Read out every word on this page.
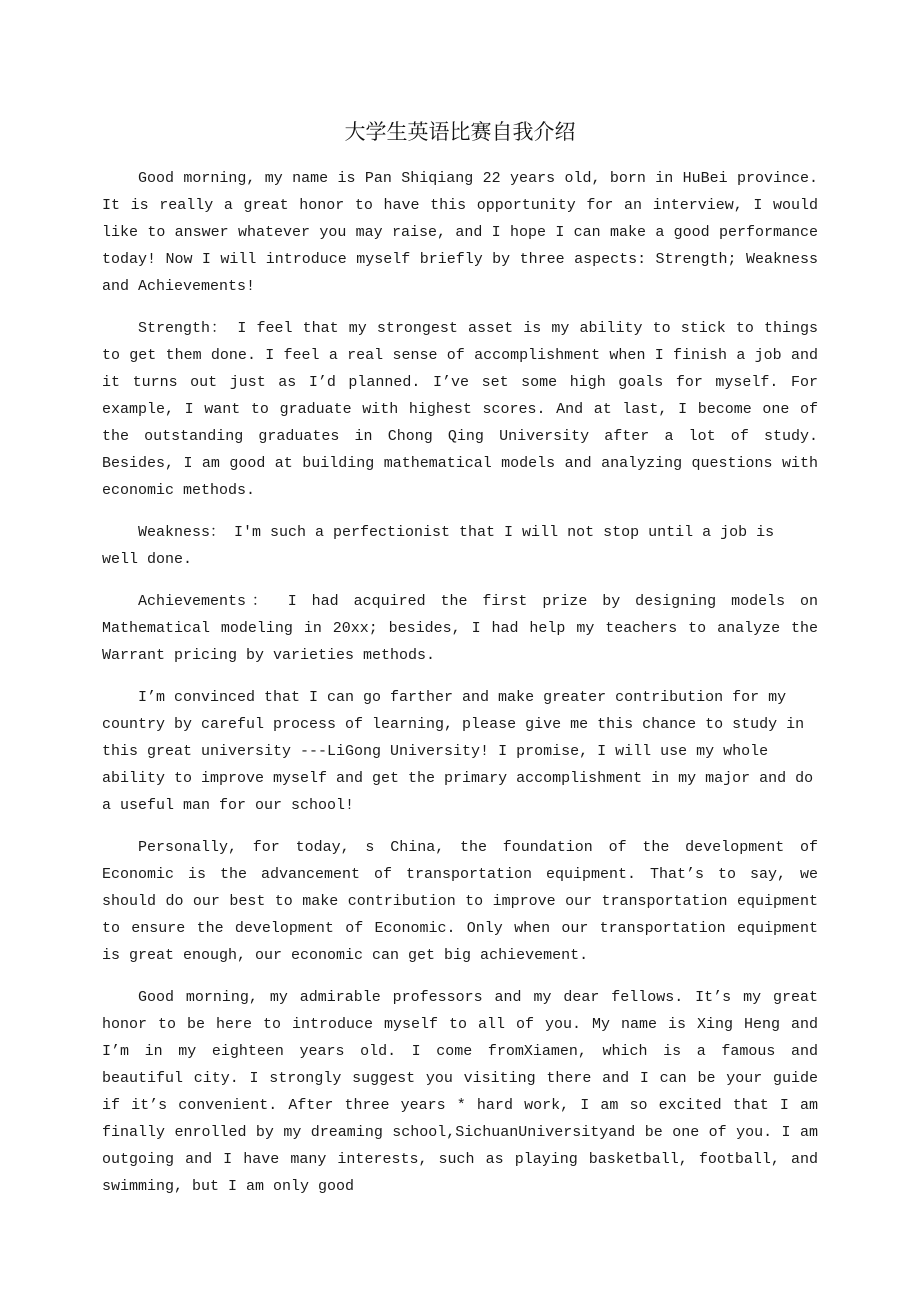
大学生英语比赛自我介绍

Good morning, my name is Pan Shiqiang 22 years old, born in HuBei province. It is really a great honor to have this opportunity for an interview, I would like to answer whatever you may raise, and I hope I can make a good performance today! Now I will introduce myself briefly by three aspects: Strength; Weakness and Achievements!

Strength： I feel that my strongest asset is my ability to stick to things to get them done. I feel a real sense of accomplishment when I finish a job and it turns out just as I’d planned. I’ve set some high goals for myself. For example, I want to graduate with highest scores. And at last, I become one of the outstanding graduates in Chong Qing University after a lot of study. Besides, I am good at building mathematical models and analyzing questions with economic methods.

Weakness： I'm such a perfectionist that I will not stop until a job is well done.

Achievements： I had acquired the first prize by designing models on Mathematical modeling in 20xx; besides, I had help my teachers to analyze the Warrant pricing by varieties methods.

I’m convinced that I can go farther and make greater contribution for my country by careful process of learning, please give me this chance to study in this great university ---LiGong University! I promise, I will use my whole ability to improve myself and get the primary accomplishment in my major and do a useful man for our school!

Personally, for today, s China, the foundation of the development of Economic is the advancement of transportation equipment. That’s to say, we should do our best to make contribution to improve our transportation equipment to ensure the development of Economic. Only when our transportation equipment is great enough, our economic can get big achievement.

Good morning, my admirable professors and my dear fellows. It’s my great honor to be here to introduce myself to all of you. My name is Xing Heng and I’m in my eighteen years old. I come fromXiamen, which is a famous and beautiful city. I strongly suggest you visiting there and I can be your guide if it’s convenient. After three years * hard work, I am so excited that I am finally enrolled by my dreaming school,SichuanUniversityand be one of you. I am outgoing and I have many interests, such as playing basketball, football, and swimming, but I am only good
